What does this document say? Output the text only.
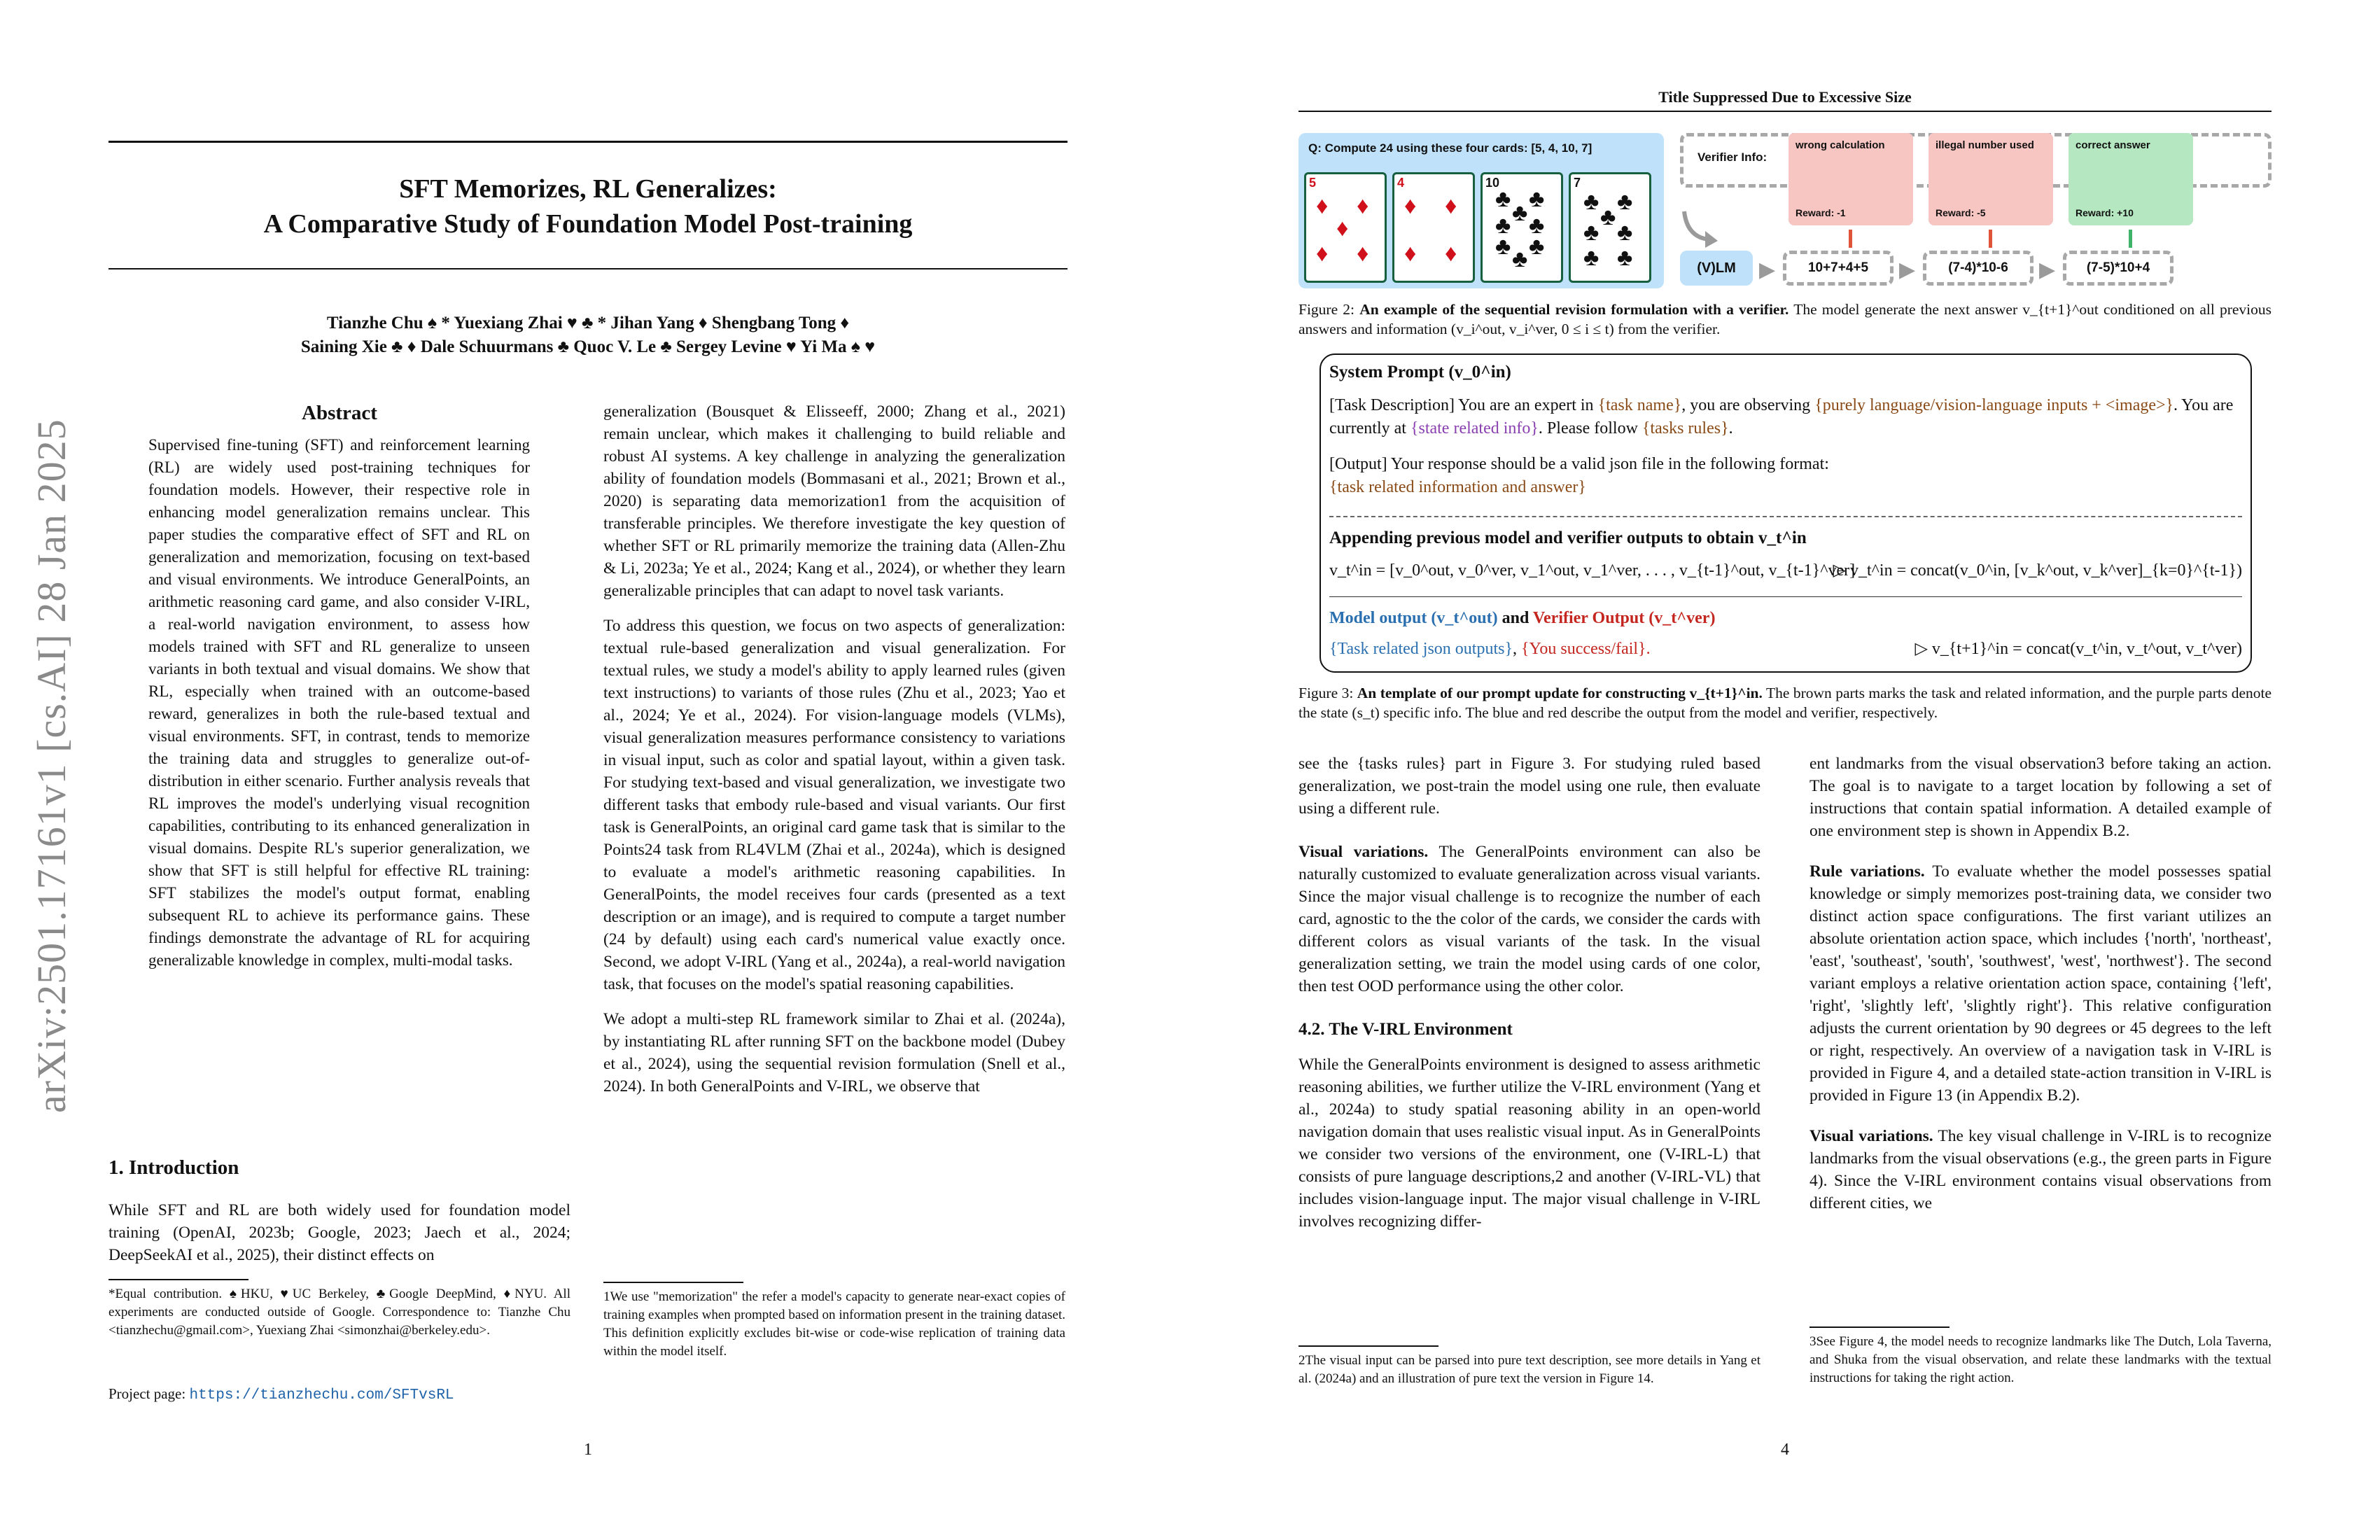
arXiv:2501.17161v1 [cs.AI] 28 Jan 2025
SFT Memorizes, RL Generalizes:
A Comparative Study of Foundation Model Post-training
Tianzhe Chu ♠ * Yuexiang Zhai ♥ ♣ * Jihan Yang ♦ Shengbang Tong ♦
Saining Xie ♣ ♦ Dale Schuurmans ♣ Quoc V. Le ♣ Sergey Levine ♥ Yi Ma ♠ ♥
Abstract
Supervised fine-tuning (SFT) and reinforcement learning (RL) are widely used post-training techniques for foundation models. However, their respective role in enhancing model generalization remains unclear. This paper studies the comparative effect of SFT and RL on generalization and memorization, focusing on text-based and visual environments. We introduce GeneralPoints, an arithmetic reasoning card game, and also consider V-IRL, a real-world navigation environment, to assess how models trained with SFT and RL generalize to unseen variants in both textual and visual domains. We show that RL, especially when trained with an outcome-based reward, generalizes in both the rule-based textual and visual environments. SFT, in contrast, tends to memorize the training data and struggles to generalize out-of-distribution in either scenario. Further analysis reveals that RL improves the model's underlying visual recognition capabilities, contributing to its enhanced generalization in visual domains. Despite RL's superior generalization, we show that SFT is still helpful for effective RL training: SFT stabilizes the model's output format, enabling subsequent RL to achieve its performance gains. These findings demonstrate the advantage of RL for acquiring generalizable knowledge in complex, multi-modal tasks.
1. Introduction
While SFT and RL are both widely used for foundation model training (OpenAI, 2023b; Google, 2023; Jaech et al., 2024; DeepSeekAI et al., 2025), their distinct effects on
*Equal contribution. ♠HKU, ♥UC Berkeley, ♣Google DeepMind, ♦NYU. All experiments are conducted outside of Google. Correspondence to: Tianzhe Chu <tianzhechu@gmail.com>, Yuexiang Zhai <simonzhai@berkeley.edu>.
Project page: https://tianzhechu.com/SFTvsRL

generalization (Bousquet & Elisseeff, 2000; Zhang et al., 2021) remain unclear, which makes it challenging to build reliable and robust AI systems. A key challenge in analyzing the generalization ability of foundation models (Bommasani et al., 2021; Brown et al., 2020) is separating data memorization1 from the acquisition of transferable principles. We therefore investigate the key question of whether SFT or RL primarily memorize the training data (Allen-Zhu & Li, 2023a; Ye et al., 2024; Kang et al., 2024), or whether they learn generalizable principles that can adapt to novel task variants.

To address this question, we focus on two aspects of generalization: textual rule-based generalization and visual generalization. For textual rules, we study a model's ability to apply learned rules (given text instructions) to variants of those rules (Zhu et al., 2023; Yao et al., 2024; Ye et al., 2024). For vision-language models (VLMs), visual generalization measures performance consistency to variations in visual input, such as color and spatial layout, within a given task. For studying text-based and visual generalization, we investigate two different tasks that embody rule-based and visual variants. Our first task is GeneralPoints, an original card game task that is similar to the Points24 task from RL4VLM (Zhai et al., 2024a), which is designed to evaluate a model's arithmetic reasoning capabilities. In GeneralPoints, the model receives four cards (presented as a text description or an image), and is required to compute a target number (24 by default) using each card's numerical value exactly once. Second, we adopt V-IRL (Yang et al., 2024a), a real-world navigation task, that focuses on the model's spatial reasoning capabilities.

We adopt a multi-step RL framework similar to Zhai et al. (2024a), by instantiating RL after running SFT on the backbone model (Dubey et al., 2024), using the sequential revision formulation (Snell et al., 2024). In both GeneralPoints and V-IRL, we observe that

1We use "memorization" the refer a model's capacity to generate near-exact copies of training examples when prompted based on information present in the training dataset. This definition explicitly excludes bit-wise or code-wise replication of training data within the model itself.
1
Title Suppressed Due to Excessive Size
Q: Compute 24 using these four cards: [5, 4, 10, 7]
5
♦ ♦
♦
♦ ♦
4
♦ ♦
♦ ♦
10
♣ ♣
♣
♣ ♣
♣ ♣
♣
7
♣ ♣
♣
♣ ♣
♣ ♣
Verifier Info:
wrong calculation
Reward: -1
illegal number used
Reward: -5
correct answer
Reward: +10
(V)LM	▶	10+7+4+5	▶	(7-4)*10-6	▶	(7-5)*10+4
Figure 2: An example of the sequential revision formulation with a verifier. The model generate the next answer v_{t+1}^out conditioned on all previous answers and information (v_i^out, v_i^ver, 0 ≤ i ≤ t) from the verifier.
System Prompt (v_0^in)
[Task Description] You are an expert in {task name}, you are observing {purely language/vision-language inputs + <image>}. You are currently at {state related info}. Please follow {tasks rules}.
[Output] Your response should be a valid json file in the following format:
{task related information and answer}
Appending previous model and verifier outputs to obtain v_t^in
v_t^in = [v_0^out, v_0^ver, v_1^out, v_1^ver, . . . , v_{t-1}^out, v_{t-1}^ver]
▷ v_t^in = concat(v_0^in, [v_k^out, v_k^ver]_{k=0}^{t-1})
Model output (v_t^out) and Verifier Output (v_t^ver)
{Task related json outputs}, {You success/fail}.	▷ v_{t+1}^in = concat(v_t^in, v_t^out, v_t^ver)
Figure 3: An template of our prompt update for constructing v_{t+1}^in. The brown parts marks the task and related information, and the purple parts denote the state (s_t) specific info. The blue and red describe the output from the model and verifier, respectively.

see the {tasks rules} part in Figure 3. For studying ruled based generalization, we post-train the model using one rule, then evaluate using a different rule.

Visual variations. The GeneralPoints environment can also be naturally customized to evaluate generalization across visual variants. Since the major visual challenge is to recognize the number of each card, agnostic to the the color of the cards, we consider the cards with different colors as visual variants of the task. In the visual generalization setting, we train the model using cards of one color, then test OOD performance using the other color.

4.2. The V-IRL Environment

While the GeneralPoints environment is designed to assess arithmetic reasoning abilities, we further utilize the V-IRL environment (Yang et al., 2024a) to study spatial reasoning ability in an open-world navigation domain that uses realistic visual input. As in GeneralPoints we consider two versions of the environment, one (V-IRL-L) that consists of pure language descriptions,2 and another (V-IRL-VL) that includes vision-language input. The major visual challenge in V-IRL involves recognizing differ-

2The visual input can be parsed into pure text description, see more details in Yang et al. (2024a) and an illustration of pure text the version in Figure 14.

ent landmarks from the visual observation3 before taking an action. The goal is to navigate to a target location by following a set of instructions that contain spatial information. A detailed example of one environment step is shown in Appendix B.2.

Rule variations. To evaluate whether the model possesses spatial knowledge or simply memorizes post-training data, we consider two distinct action space configurations. The first variant utilizes an absolute orientation action space, which includes {'north', 'northeast', 'east', 'southeast', 'south', 'southwest', 'west', 'northwest'}. The second variant employs a relative orientation action space, containing {'left', 'right', 'slightly left', 'slightly right'}. This relative configuration adjusts the current orientation by 90 degrees or 45 degrees to the left or right, respectively. An overview of a navigation task in V-IRL is provided in Figure 4, and a detailed state-action transition in V-IRL is provided in Figure 13 (in Appendix B.2).

Visual variations. The key visual challenge in V-IRL is to recognize landmarks from the visual observations (e.g., the green parts in Figure 4). Since the V-IRL environment contains visual observations from different cities, we

3See Figure 4, the model needs to recognize landmarks like The Dutch, Lola Taverna, and Shuka from the visual observation, and relate these landmarks with the textual instructions for taking the right action.
4
